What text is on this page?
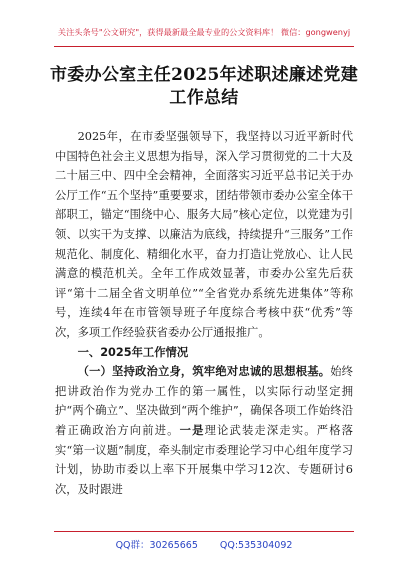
关注头条号"公文研究"，获得最新最全最专业的公文资料库！ 微信：gongwenyj
市委办公室主任2025年述职述廉述党建
工作总结

2025年，在市委坚强领导下，我坚持以习近平新时代中国特色社会主义思想为指导，深入学习贯彻党的二十大及二十届三中、四中全会精神，全面落实习近平总书记关于办公厅工作“五个坚持”重要要求，团结带领市委办公室全体干部职工，锚定“围绕中心、服务大局”核心定位，以党建为引领、以实干为支撑、以廉洁为底线，持续提升“三服务”工作规范化、制度化、精细化水平，奋力打造让党放心、让人民满意的模范机关。全年工作成效显著，市委办公室先后获评“第十二届全省文明单位”“全省党办系统先进集体”等称号，连续4年在市管领导班子年度综合考核中获“优秀”等次，多项工作经验获省委办公厅通报推广。

一、2025年工作情况

（一）坚持政治立身，筑牢绝对忠诚的思想根基。始终把讲政治作为党办工作的第一属性，以实际行动坚定拥护“两个确立”、坚决做到“两个维护”，确保各项工作始终沿着正确政治方向前进。一是理论武装走深走实。严格落实“第一议题”制度，牵头制定市委理论学习中心组年度学习计划，协助市委以上率下开展集中学习12次、专题研讨6次，及时跟进

QQ群：30265665 QQ:535304092
